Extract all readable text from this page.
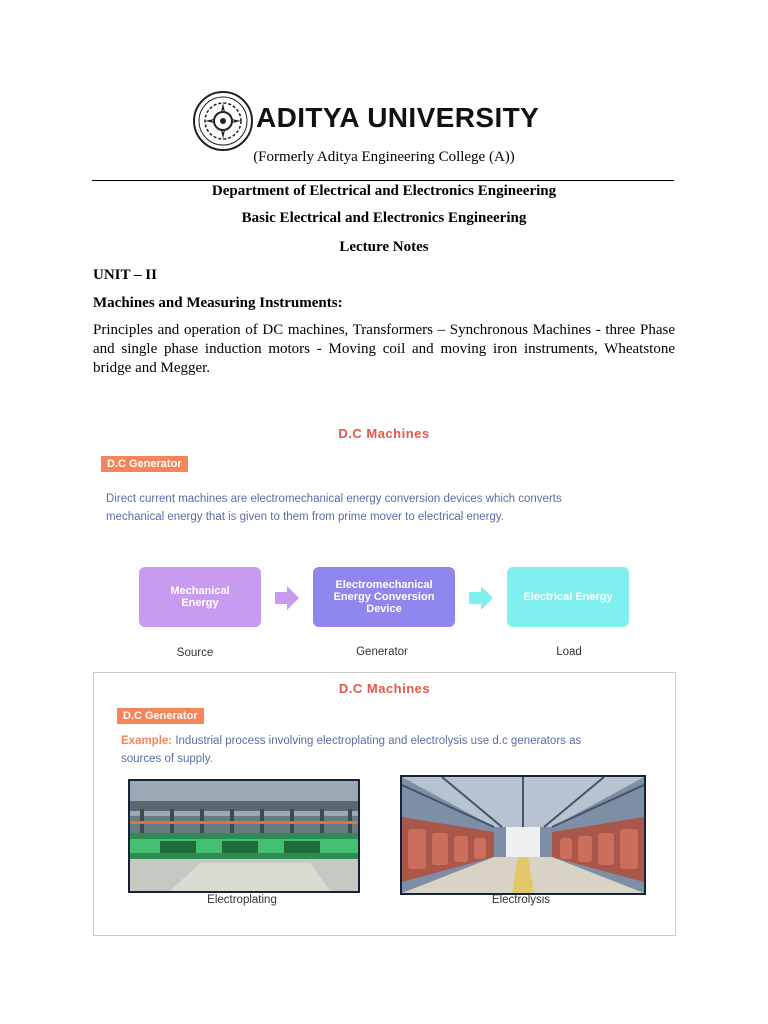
ADITYA UNIVERSITY
(Formerly Aditya Engineering College (A))
Department of Electrical and Electronics Engineering
Basic Electrical and Electronics Engineering
Lecture Notes
UNIT – II
Machines and Measuring Instruments:
Principles and operation of DC machines, Transformers – Synchronous Machines - three Phase and single phase induction motors - Moving coil and moving iron instruments, Wheatstone bridge and Megger.
D.C Machines
D.C Generator
Direct current machines are electromechanical energy conversion devices which converts mechanical energy that is given to them from prime mover to electrical energy.
Mechanical Energy
Electromechanical Energy Conversion Device
Electrical Energy
Source	Generator	Load
D.C Machines
D.C Generator
Example: Industrial process involving electroplating and electrolysis use d.c generators as sources of supply.
Electroplating	Electrolysis
